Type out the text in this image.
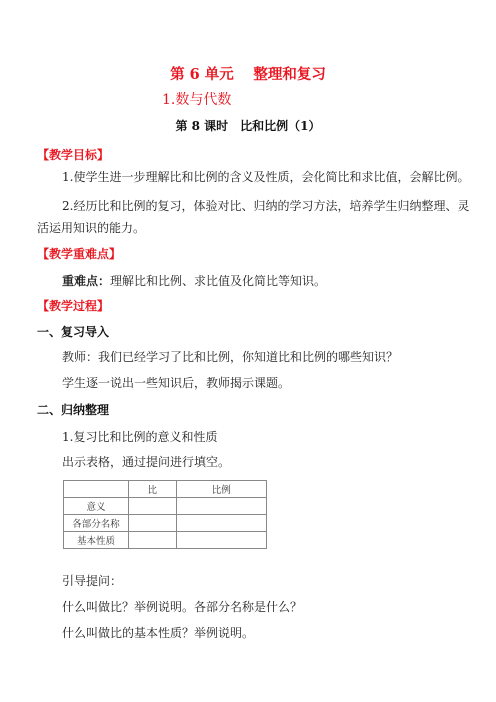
第 6 单元　 整理和复习
1.数与代数
第 8 课时　比和比例（1）
【教学目标】
1.使学生进一步理解比和比例的含义及性质，会化简比和求比值，会解比例。
2.经历比和比例的复习，体验对比、归纳的学习方法，培养学生归纳整理、灵
活运用知识的能力。
【教学重难点】
重难点：理解比和比例、求比值及化简比等知识。
【教学过程】
一、复习导入
教师：我们已经学习了比和比例，你知道比和比例的哪些知识？
学生逐一说出一些知识后，教师揭示课题。
二、归纳整理
1.复习比和比例的意义和性质
出示表格，通过提问进行填空。
	比	比例
意义		
各部分名称		
基本性质		
引导提问：
什么叫做比？举例说明。各部分名称是什么？
什么叫做比的基本性质？举例说明。
